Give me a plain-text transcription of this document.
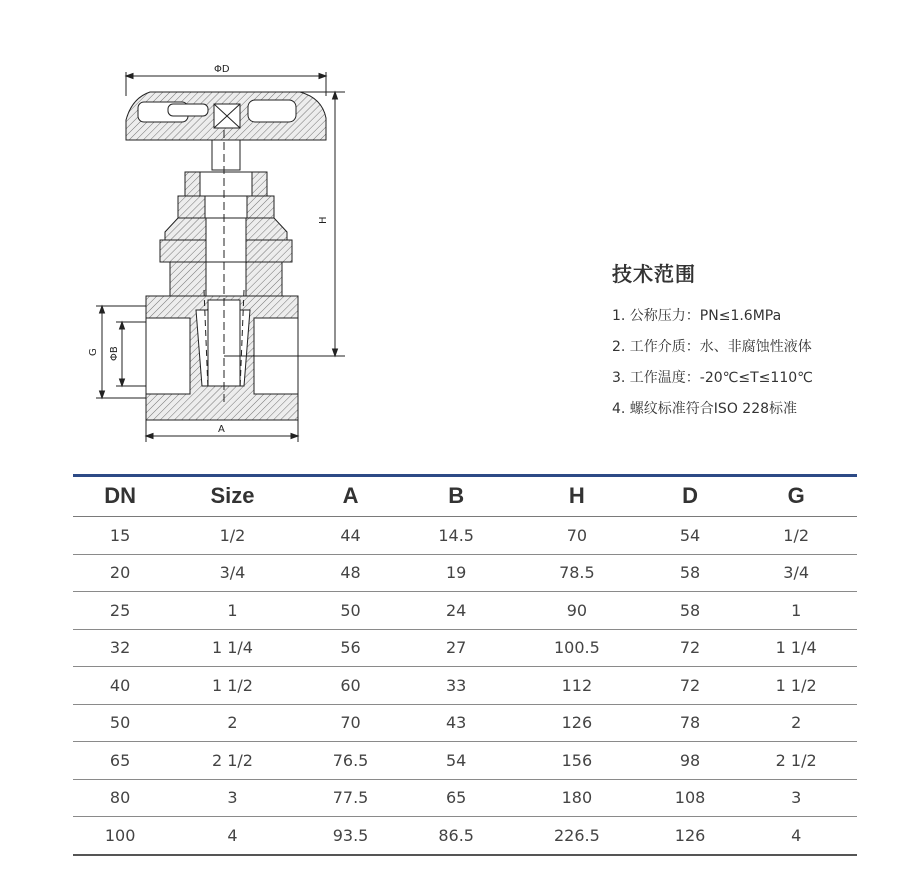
ΦD
H
G ΦB
A
技术范围
1. 公称压力：PN≤1.6MPa
2. 工作介质：水、非腐蚀性液体
3. 工作温度：-20℃≤T≤110℃
4. 螺纹标准符合ISO 228标准
DN	Size	A	B	H	D	G
15	1/2	44	14.5	70	54	1/2
20	3/4	48	19	78.5	58	3/4
25	1	50	24	90	58	1
32	1 1/4	56	27	100.5	72	1 1/4
40	1 1/2	60	33	112	72	1 1/2
50	2	70	43	126	78	2
65	2 1/2	76.5	54	156	98	2 1/2
80	3	77.5	65	180	108	3
100	4	93.5	86.5	226.5	126	4
